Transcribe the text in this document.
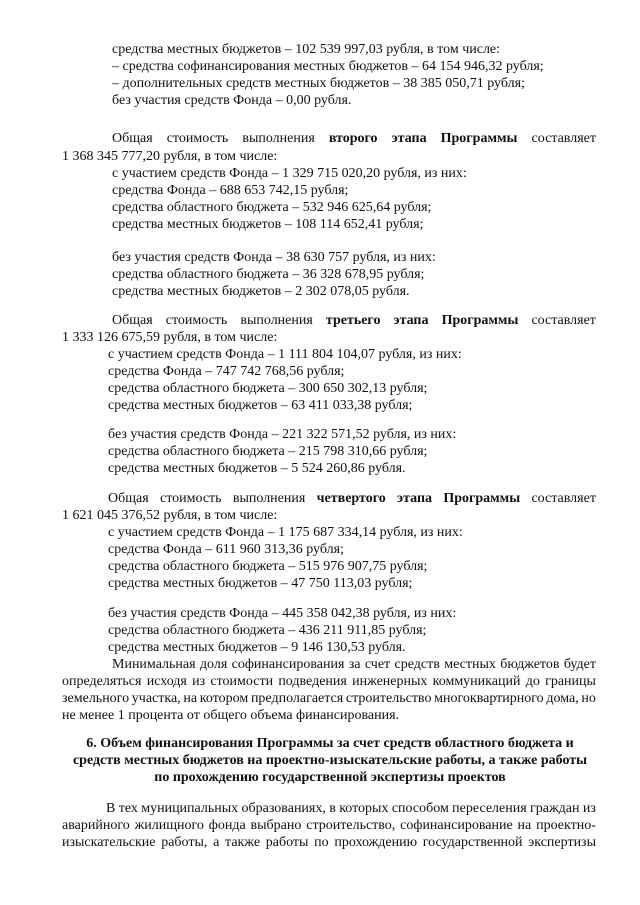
средства местных бюджетов – 102 539 997,03 рубля, в том числе:
– средства софинансирования местных бюджетов – 64 154 946,32 рубля;
– дополнительных средств местных бюджетов – 38 385 050,71 рубля;
без участия средств Фонда – 0,00 рубля.
Общая стоимость выполнения второго этапа Программы составляет
1 368 345 777,20 рубля, в том числе:
с участием средств Фонда – 1 329 715 020,20 рубля, из них:
средства Фонда – 688 653 742,15 рубля;
средства областного бюджета – 532 946 625,64 рубля;
средства местных бюджетов – 108 114 652,41 рубля;
без участия средств Фонда – 38 630 757 рубля, из них:
средства областного бюджета – 36 328 678,95 рубля;
средства местных бюджетов – 2 302 078,05 рубля.
Общая стоимость выполнения третьего этапа Программы составляет
1 333 126 675,59 рубля, в том числе:
с участием средств Фонда – 1 111 804 104,07 рубля, из них:
средства Фонда – 747 742 768,56 рубля;
средства областного бюджета – 300 650 302,13 рубля;
средства местных бюджетов – 63 411 033,38 рубля;
без участия средств Фонда – 221 322 571,52 рубля, из них:
средства областного бюджета – 215 798 310,66 рубля;
средства местных бюджетов – 5 524 260,86 рубля.
Общая стоимость выполнения четвертого этапа Программы составляет
1 621 045 376,52 рубля, в том числе:
с участием средств Фонда – 1 175 687 334,14 рубля, из них:
средства Фонда – 611 960 313,36 рубля;
средства областного бюджета – 515 976 907,75 рубля;
средства местных бюджетов – 47 750 113,03 рубля;
без участия средств Фонда – 445 358 042,38 рубля, из них:
средства областного бюджета – 436 211 911,85 рубля;
средства местных бюджетов – 9 146 130,53 рубля.
Минимальная доля софинансирования за счет средств местных бюджетов будет
определяться исходя из стоимости подведения инженерных коммуникаций до границы
земельного участка, на котором предполагается строительство многоквартирного дома, но
не менее 1 процента от общего объема финансирования.
6. Объем финансирования Программы за счет средств областного бюджета и
средств местных бюджетов на проектно-изыскательские работы, а также работы
по прохождению государственной экспертизы проектов
В тех муниципальных образованиях, в которых способом переселения граждан из
аварийного жилищного фонда выбрано строительство, софинансирование на проектно-
изыскательские работы, а также работы по прохождению государственной экспертизы
